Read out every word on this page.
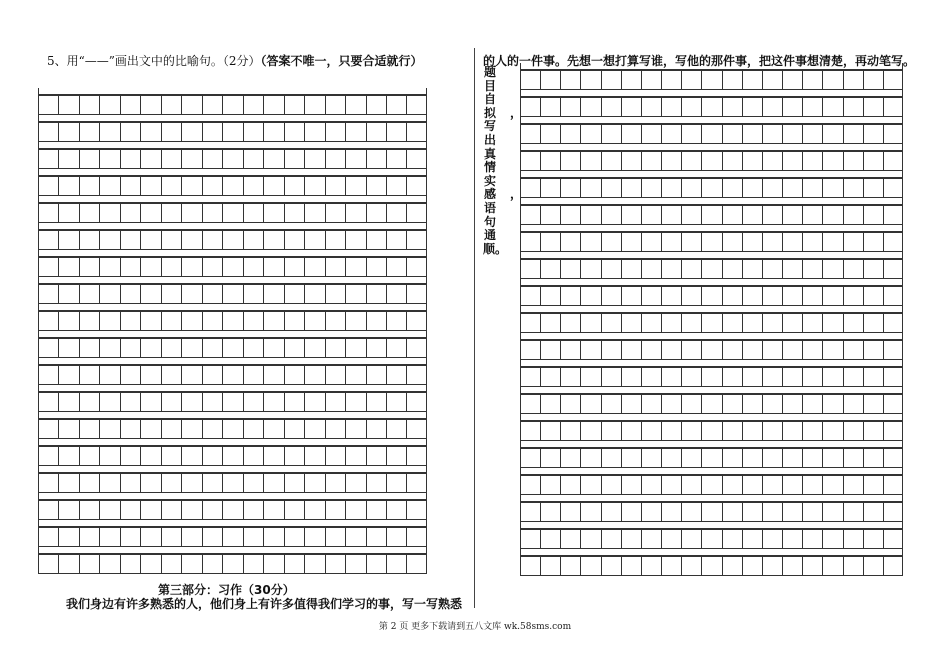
5、用“——”画出文中的比喻句。（2分）（答案不唯一，只要合适就行）
第三部分：习作（30分）
我们身边有许多熟悉的人，他们身上有许多值得我们学习的事，写一写熟悉
的人的一件事。先想一想打算写谁，写他的那件事，把这件事想清楚，再动笔写。
题
目
自
拟
写
出
真
情
实
感
语
句
通
顺。
，
，
第 2 页 更多下载请到五八文库 wk.58sms.com
